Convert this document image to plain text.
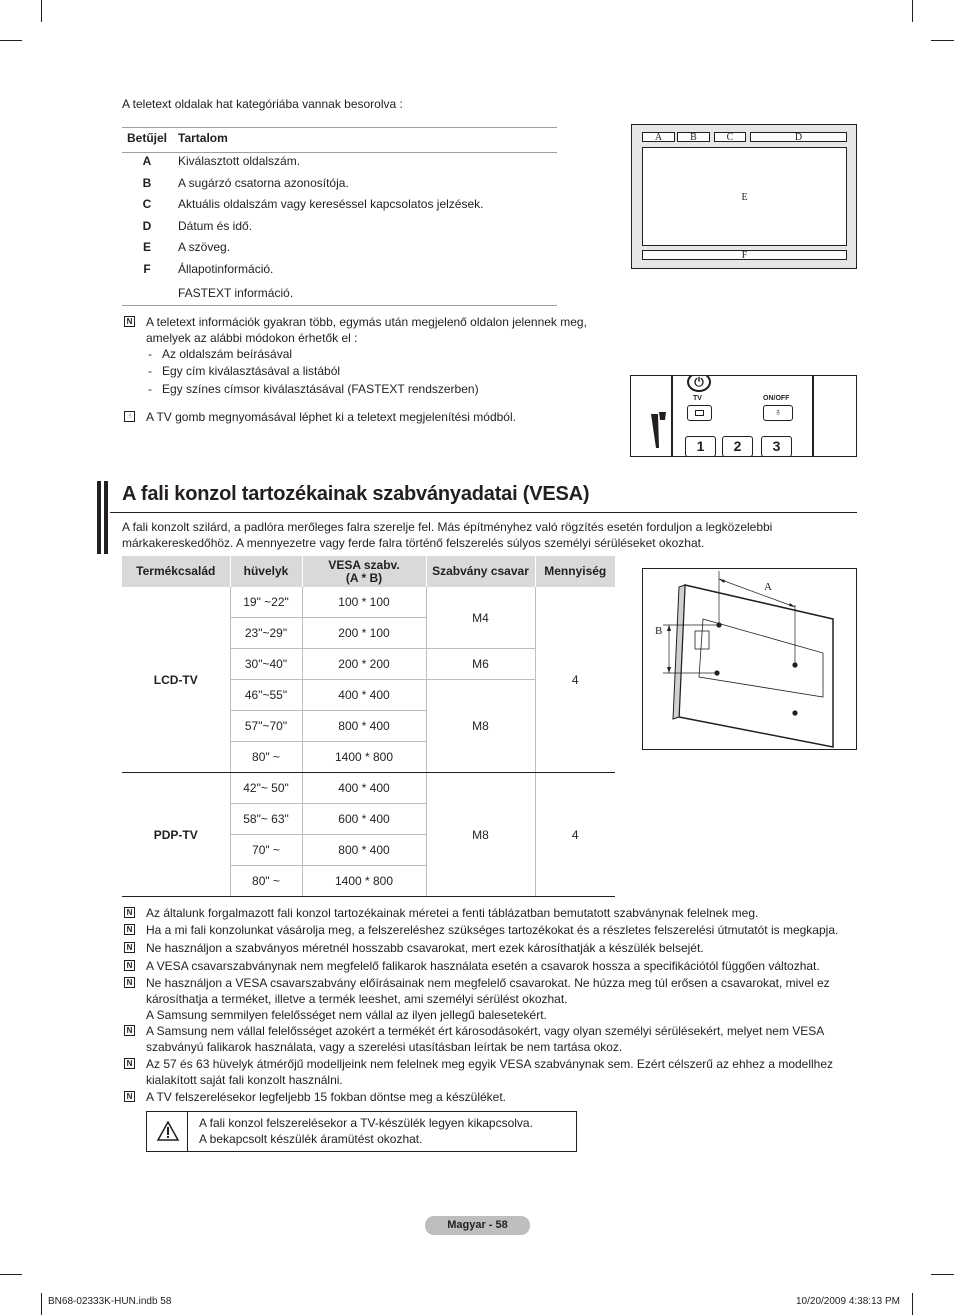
A teletext oldalak hat kategóriába vannak besorolva :
Betűjel Tartalom
A	Kiválasztott oldalszám.
B	A sugárzó csatorna azonosítója.
C	Aktuális oldalszám vagy kereséssel kapcsolatos jelzések.
D	Dátum és idő.
E	A szöveg.
F	Állapotinformáció.
FASTEXT információ.
A	B	C	D
E
F
N A teletext információk gyakran több, egymás után megjelenő oldalon jelennek meg,
amelyek az alábbi módokon érhetők el :
-   Az oldalszám beírásával
-   Egy cím kiválasztásával a listából
-   Egy színes címsor kiválasztásával (FASTEXT rendszerben)
☝ A TV gomb megnyomásával léphet ki a teletext megjelenítési módból.
⏻
TV	ON/OFF
♁
1	2	3
A fali konzol tartozékainak szabványadatai (VESA)
A fali konzolt szilárd, a padlóra merőleges falra szerelje fel. Más építményhez való rögzítés esetén forduljon a legközelebbi
márkakereskedőhöz. A mennyezetre vagy ferde falra történő felszerelés súlyos személyi sérüléseket okozhat.
Termékcsalád	hüvelyk	VESA szabv.
(A * B)	Szabvány csavar	Mennyiség
LCD-TV	19" ~22"	100 * 100	M4	4
	23"~29"	200 * 100		
	30"~40"	200 * 200	M6	
	46"~55"	400 * 400	M8	
	57"~70"	800 * 400		
	80" ~	1400 * 800		
PDP-TV	42"~ 50"	400 * 400	M8	4
	58"~ 63"	600 * 400		
	70" ~	800 * 400		
	80" ~	1400 * 800		
A
B
N Az általunk forgalmazott fali konzol tartozékainak méretei a fenti táblázatban bemutatott szabványnak felelnek meg.
N Ha a mi fali konzolunkat vásárolja meg, a felszereléshez szükséges tartozékokat és a részletes felszerelési útmutatót is megkapja.
N Ne használjon a szabványos méretnél hosszabb csavarokat, mert ezek károsíthatják a készülék belsejét.
N A VESA csavarszabványnak nem megfelelő falikarok használata esetén a csavarok hossza a specifikációtól függően változhat.
N Ne használjon a VESA csavarszabvány előírásainak nem megfelelő csavarokat. Ne húzza meg túl erősen a csavarokat, mivel ez
károsíthatja a terméket, illetve a termék leeshet, ami személyi sérülést okozhat.
A Samsung semmilyen felelősséget nem vállal az ilyen jellegű balesetekért.
N A Samsung nem vállal felelősséget azokért a termékét ért károsodásokért, vagy olyan személyi sérülésekért, melyet nem VESA
szabványú falikarok használata, vagy a szerelési utasításban leírtak be nem tartása okoz.
N Az 57 és 63 hüvelyk átmérőjű modelljeink nem felelnek meg egyik VESA szabványnak sem. Ezért célszerű az ehhez a modellhez
kialakított saját fali konzolt használni.
N A TV felszerelésekor legfeljebb 15 fokban döntse meg a készüléket.
A fali konzol felszerelésekor a TV-készülék legyen kikapcsolva.
A bekapcsolt készülék áramütést okozhat.
Magyar - 58
BN68-02333K-HUN.indb 58	10/20/2009 4:38:13 PM
